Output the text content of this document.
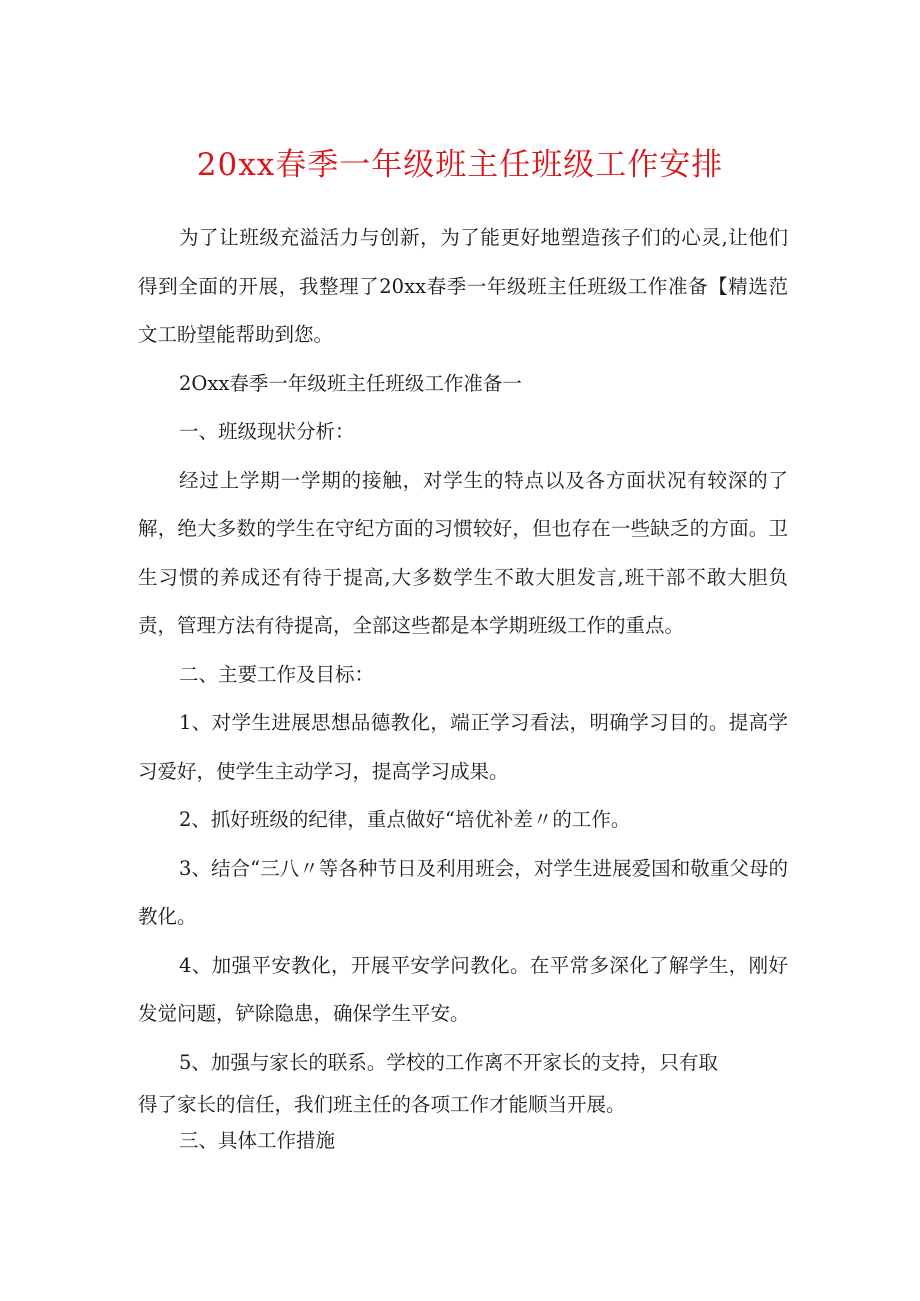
20xx春季一年级班主任班级工作安排

为了让班级充溢活力与创新，为了能更好地塑造孩子们的心灵,让他们得到全面的开展，我整理了20xx春季一年级班主任班级工作准备【精选范文工盼望能帮助到您。

2Oxx春季一年级班主任班级工作准备一

一、班级现状分析：

经过上学期一学期的接触，对学生的特点以及各方面状况有较深的了解，绝大多数的学生在守纪方面的习惯较好，但也存在一些缺乏的方面。卫生习惯的养成还有待于提高,大多数学生不敢大胆发言,班干部不敢大胆负责，管理方法有待提高，全部这些都是本学期班级工作的重点。

二、主要工作及目标：

1、对学生进展思想品德教化，端正学习看法，明确学习目的。提高学习爱好，使学生主动学习，提高学习成果。

2、抓好班级的纪律，重点做好“培优补差〃的工作。

3、结合“三八〃等各种节日及利用班会，对学生进展爱国和敬重父母的教化。

4、加强平安教化，开展平安学问教化。在平常多深化了解学生，刚好发觉问题，铲除隐患，确保学生平安。

5、加强与家长的联系。学校的工作离不开家长的支持，只有取

得了家长的信任，我们班主任的各项工作才能顺当开展。

三、具体工作措施
